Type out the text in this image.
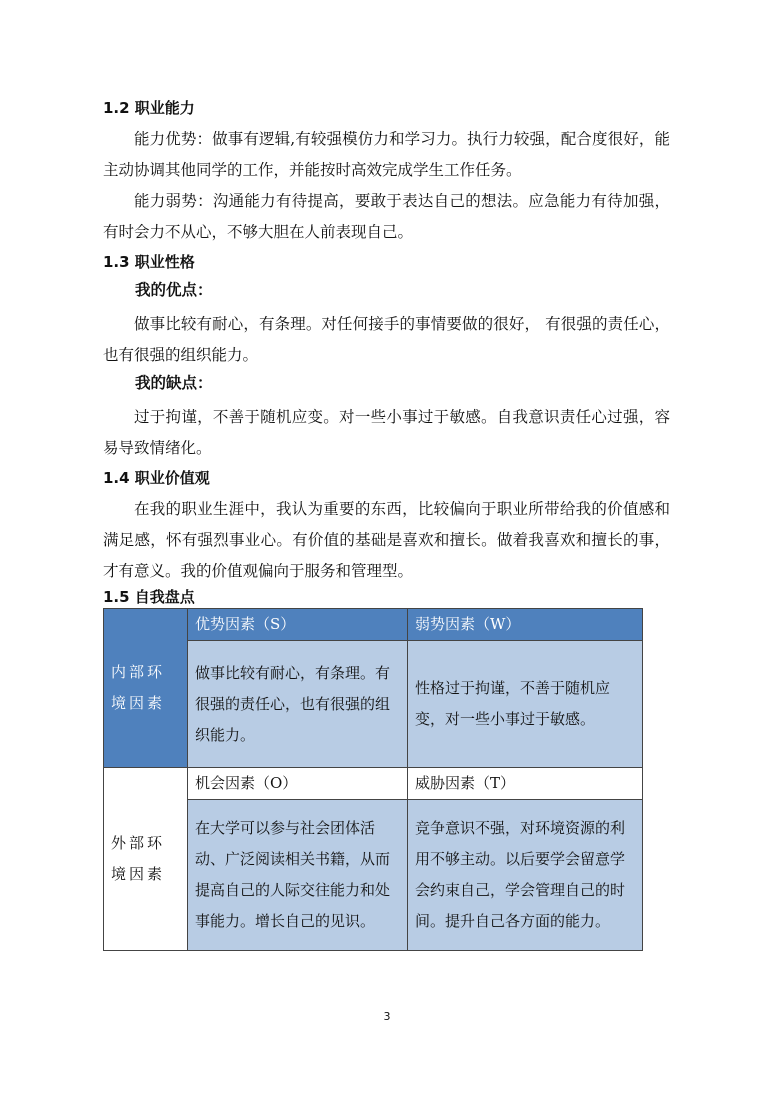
1.2 职业能力

能力优势：做事有逻辑,有较强模仿力和学习力。执行力较强，配合度很好，能主动协调其他同学的工作，并能按时高效完成学生工作任务。

能力弱势：沟通能力有待提高，要敢于表达自己的想法。应急能力有待加强，有时会力不从心，不够大胆在人前表现自己。

1.3 职业性格

我的优点：

做事比较有耐心，有条理。对任何接手的事情要做的很好， 有很强的责任心，也有很强的组织能力。

我的缺点：

过于拘谨，不善于随机应变。对一些小事过于敏感。自我意识责任心过强，容易导致情绪化。

1.4 职业价值观

在我的职业生涯中，我认为重要的东西，比较偏向于职业所带给我的价值感和满足感，怀有强烈事业心。有价值的基础是喜欢和擅长。做着我喜欢和擅长的事，才有意义。我的价值观偏向于服务和管理型。

1.5 自我盘点
内部环境因素	优势因素（S）	弱势因素（W）
	做事比较有耐心，有条理。有很强的责任心，也有很强的组织能力。	性格过于拘谨，不善于随机应变，对一些小事过于敏感。
外部环境因素	机会因素（O）	威胁因素（T）
	在大学可以参与社会团体活动、广泛阅读相关书籍，从而提高自己的人际交往能力和处事能力。增长自己的见识。	竞争意识不强，对环境资源的利用不够主动。以后要学会留意学会约束自己，学会管理自己的时间。提升自己各方面的能力。
3
